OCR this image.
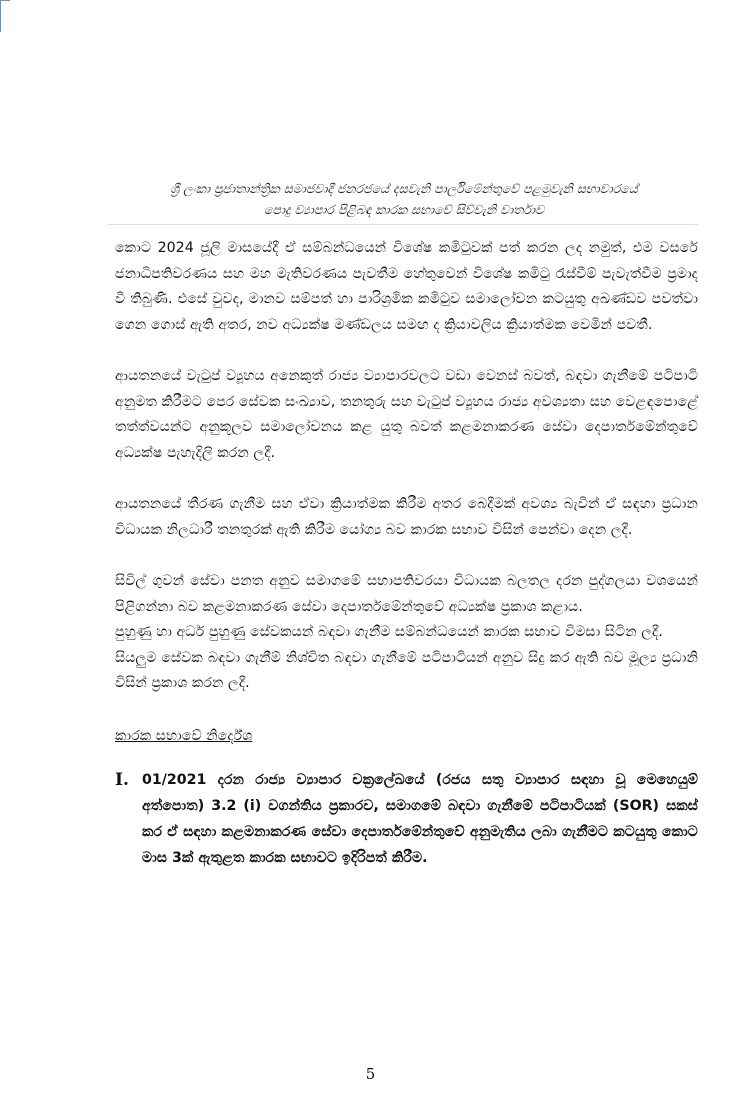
ශ්‍රී ලංකා ප්‍රජාතාන්ත්‍රික සමාජවාදී ජනරජයේ දසවැනි පාර්ලිමේන්තුවේ පළමුවැනි සභාවාරයේ
පොදු ව්‍යාපාර පිළිබඳ කාරක සභාවේ සිව්වැනි වාර්තාව

කොට 2024 ජූලි මාසයේදී ඒ සම්බන්ධයෙන් විශේෂ කමිටුවක් පත් කරන ලද නමුත්, එම වසරේ ජනාධිපතිවරණය සහ මහ මැතිවරණය පැවතීම හේතුවෙන් විශේෂ කමිටු රැස්වීම් පැවැත්වීම ප්‍රමාද වී තිබුණි. එසේ වුවද, මානව සම්පත් හා පාරිශ්‍රමික කමිටුව සමාලෝචන කටයුතු අඛණ්ඩව පවත්වා ගෙන ගොස් ඇති අතර, නව අධ්‍යක්ෂ මණ්ඩලය සමඟ ද ක්‍රියාවලිය ක්‍රියාත්මක වෙමින් පවතී.

ආයතනයේ වැටුප් ව්‍යූහය අනෙකුත් රාජ්‍ය ව්‍යාපාරවලට වඩා වෙනස් බවත්, බඳවා ගැනීමේ පටිපාටි අනුමත කිරීමට පෙර සේවක සංඛ්‍යාව, තනතුරු සහ වැටුප් ව්‍යූහය රාජ්‍ය අවශ්‍යතා සහ වෙළඳපොළේ තත්ත්වයන්ට අනුකූලව සමාලෝචනය කළ යුතු බවත් කළමනාකරණ සේවා දෙපාර්තමේන්තුවේ අධ්‍යක්ෂ පැහැදිලි කරන ලදී.

ආයතනයේ තීරණ ගැනීම සහ ඒවා ක්‍රියාත්මක කිරීම අතර බෙදීමක් අවශ්‍ය බැවින් ඒ සඳහා ප්‍රධාන විධායක නිලධාරී තනතුරක් ඇති කිරීම යෝග්‍ය බව කාරක සභාව විසින් පෙන්වා දෙන ලදී.

සිවිල් ගුවන් සේවා පනත අනුව සමාගමේ සභාපතිවරයා විධායක බලතල දරන පුද්ගලයා වශයෙන් පිළිගන්නා බව කළමනාකරණ සේවා දෙපාර්තමේන්තුවේ අධ්‍යක්ෂ ප්‍රකාශ කළාය.

පුහුණු හා අර්ධ පුහුණු සේවකයන් බඳවා ගැනීම සම්බන්ධයෙන් කාරක සභාව විමසා සිටින ලදී.

සියලුම සේවක බඳවා ගැනීම් නිශ්චිත බඳවා ගැනීමේ පටිපාටියන් අනුව සිදු කර ඇති බව මූල්‍ය ප්‍රධානි විසින් ප්‍රකාශ කරන ලදී.

කාරක සභාවේ නිර්දේශ
I. 01/2021 දරන රාජ්‍ය ව්‍යාපාර චක්‍රලේඛයේ (රජය සතු ව්‍යාපාර සඳහා වූ මෙහෙයුම් අත්පොත) 3.2 (i) වගන්තිය ප්‍රකාරව, සමාගමේ බඳවා ගැනීමේ පටිපාටියක් (SOR) සකස් කර ඒ සඳහා කළමනාකරණ සේවා දෙපාර්තමේන්තුවේ අනුමැතිය ලබා ගැනීමට කටයුතු කොට මාස 3ක් ඇතුළත කාරක සභාවට ඉදිරිපත් කිරීම.
5
